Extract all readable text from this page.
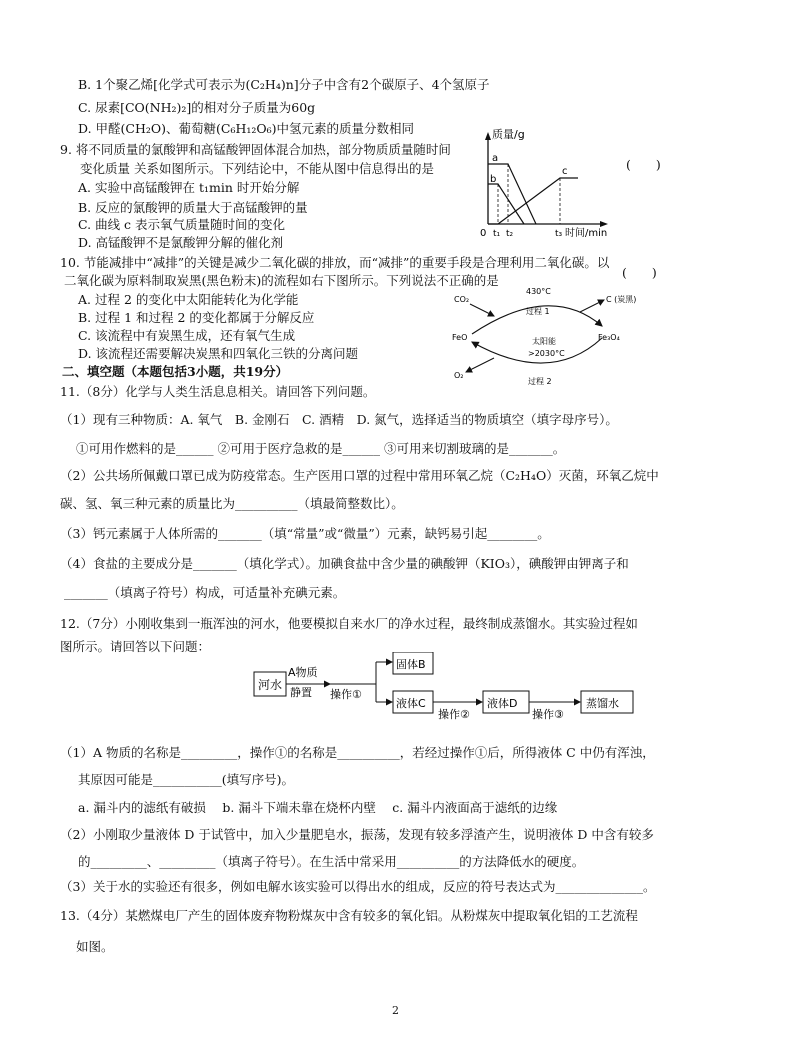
B. 1个聚乙烯[化学式可表示为(C₂H₄)n]分子中含有2个碳原子、4个氢原子
C. 尿素[CO(NH₂)₂]的相对分子质量为60g
D. 甲醛(CH₂O)、葡萄糖(C₆H₁₂O₆)中氢元素的质量分数相同
9. 将不同质量的氯酸钾和高锰酸钾固体混合加热，部分物质质量随时间
变化质量 关系如图所示。下列结论中，不能从图中信息得出的是	(　　)
A. 实验中高锰酸钾在 t₁min 时开始分解
B. 反应的氯酸钾的质量大于高锰酸钾的量
C. 曲线 c 表示氧气质量随时间的变化
D. 高锰酸钾不是氯酸钾分解的催化剂
质量/g
a
b
c
0 t₁ t₂	t₃ 时间/min
10. 节能减排中“减排”的关键是减少二氧化碳的排放，而“减排”的重要手段是合理利用二氧化碳。以
二氧化碳为原料制取炭黑(黑色粉末)的流程如右下图所示。下列说法不正确的是
(　　)
A. 过程 2 的变化中太阳能转化为化学能
B. 过程 1 和过程 2 的变化都属于分解反应
C. 该流程中有炭黑生成，还有氧气生成
D. 该流程还需要解决炭黑和四氧化三铁的分离问题
CO₂
430°C
过程 1
C (炭黑)
FeO	Fe₃O₄
太阳能
>2030°C
O₂
过程 2
二、填空题（本题包括3小题，共19分）
11.（8分）化学与人类生活息息相关。请回答下列问题。
（1）现有三种物质：A. 氧气　B. 金刚石　C. 酒精　D. 氮气，选择适当的物质填空（填字母序号）。
①可用作燃料的是______ ②可用于医疗急救的是______ ③可用来切割玻璃的是_______。
（2）公共场所佩戴口罩已成为防疫常态。生产医用口罩的过程中常用环氧乙烷（C₂H₄O）灭菌，环氧乙烷中
碳、氢、氧三种元素的质量比为__________（填最简整数比）。
（3）钙元素属于人体所需的_______（填“常量”或“微量”）元素，缺钙易引起________。
（4）食盐的主要成分是_______（填化学式）。加碘食盐中含少量的碘酸钾（KIO₃），碘酸钾由钾离子和
_______（填离子符号）构成，可适量补充碘元素。
12.（7分）小刚收集到一瓶浑浊的河水，他要模拟自来水厂的净水过程，最终制成蒸馏水。其实验过程如
图所示。请回答以下问题：
河水
A物质
静置 操作①
固体B
液体C
操作②
液体D
操作③
蒸馏水
（1）A 物质的名称是_________，操作①的名称是__________，若经过操作①后，所得液体 C 中仍有浑浊，
其原因可能是___________(填写序号)。
a. 漏斗内的滤纸有破损　 b. 漏斗下端未靠在烧杯内壁　 c. 漏斗内液面高于滤纸的边缘
（2）小刚取少量液体 D 于试管中，加入少量肥皂水，振荡，发现有较多浮渣产生，说明液体 D 中含有较多
的_________、_________（填离子符号）。在生活中常采用__________的方法降低水的硬度。
（3）关于水的实验还有很多，例如电解水该实验可以得出水的组成，反应的符号表达式为______________。
13.（4分）某燃煤电厂产生的固体废弃物粉煤灰中含有较多的氧化铝。从粉煤灰中提取氧化铝的工艺流程
如图。
2
